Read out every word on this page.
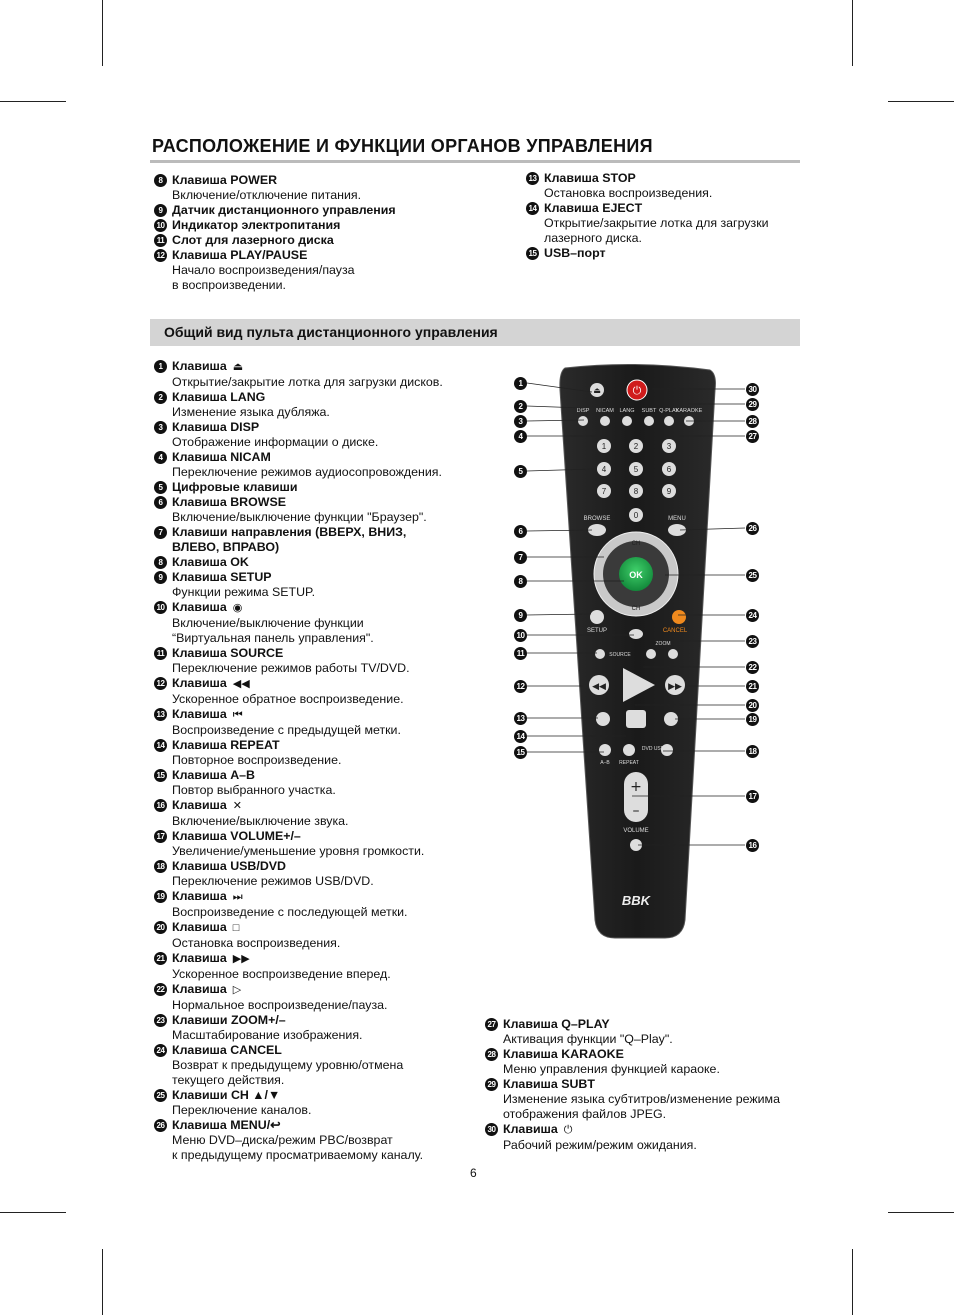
РАСПОЛОЖЕНИЕ И ФУНКЦИИ ОРГАНОВ УПРАВЛЕНИЯ
8 Клавиша POWER
Включение/отключение питания.
9 Датчик дистанционного управления
10 Индикатор электропитания
11 Слот для лазерного диска
12 Клавиша PLAY/PAUSE
Начало воспроизведения/пауза
в воспроизведении.
13 Клавиша STOP
Остановка воспроизведения.
14 Клавиша EJECT
Открытие/закрытие лотка для загрузки
лазерного диска.
15 USB–порт
Общий вид пульта дистанционного управления
1 Клавиша ⏏
Открытие/закрытие лотка для загрузки дисков.
2 Клавиша LANG
Изменение языка дубляжа.
3 Клавиша DISP
Отображение информации о диске.
4 Клавиша NICAM
Переключение режимов аудиосопровождения.
5 Цифровые клавиши
6 Клавиша BROWSE
Включение/выключение функции "Браузер".
7 Клавиши направления (ВВЕРХ, ВНИЗ,
ВЛЕВО, ВПРАВО)
8 Клавиша OK
9 Клавиша SETUP
Функции режима SETUP.
10 Клавиша ◉
Включение/выключение функции
“Виртуальная панель управления".
11 Клавиша SOURCE
Переключение режимов работы TV/DVD.
12 Клавиша ◀◀
Ускоренное обратное воспроизведение.
13 Клавиша ⏮
Воспроизведение с предыдущей метки.
14 Клавиша REPEAT
Повторное воспроизведение.
15 Клавиша A–B
Повтор выбранного участка.
16 Клавиша ✕
Включение/выключение звука.
17 Клавиша VOLUME+/–
Увеличение/уменьшение уровня громкости.
18 Клавиша USB/DVD
Переключение режимов USB/DVD.
19 Клавиша ⏭
Воспроизведение с последующей метки.
20 Клавиша □
Остановка воспроизведения.
21 Клавиша ▶▶
Ускоренное воспроизведение вперед.
22 Клавиша ▷
Нормальное воспроизведение/пауза.
23 Клавиши ZOOM+/–
Масштабирование изображения.
24 Клавиша CANCEL
Возврат к предыдущему уровню/отмена
текущего действия.
25 Клавиши CH ▲/▼
Переключение каналов.
26 Клавиша MENU/↩
Меню DVD–диска/режим PBC/возврат
к предыдущему просматриваемому каналу.
27 Клавиша Q–PLAY
Активация функции "Q–Play".
28 Клавиша KARAOKE
Меню управления функцией караоке.
29 Клавиша SUBT
Изменение языка субтитров/изменение режима
отображения файлов JPEG.
30 Клавиша ⏻
Рабочий режим/режим ожидания.
⏏	⏻
DISP NICAM LANG SUBT Q-PLAY
KARAOKE
1	2	3
4	5	6
7	8	9
0
BROWSE	MENU
OK
CH
CH
SETUP	CANCEL
SOURCE
ZOOM
◀◀	▶▶
A–B REPEAT
DVD USB
+
–
VOLUME
BBK
6
1
2
3
4
5
6
7
8
9
10
11
12
13
14
15
30
29
28
27
26
25
24
23
22
21
20
19
18
17
16
